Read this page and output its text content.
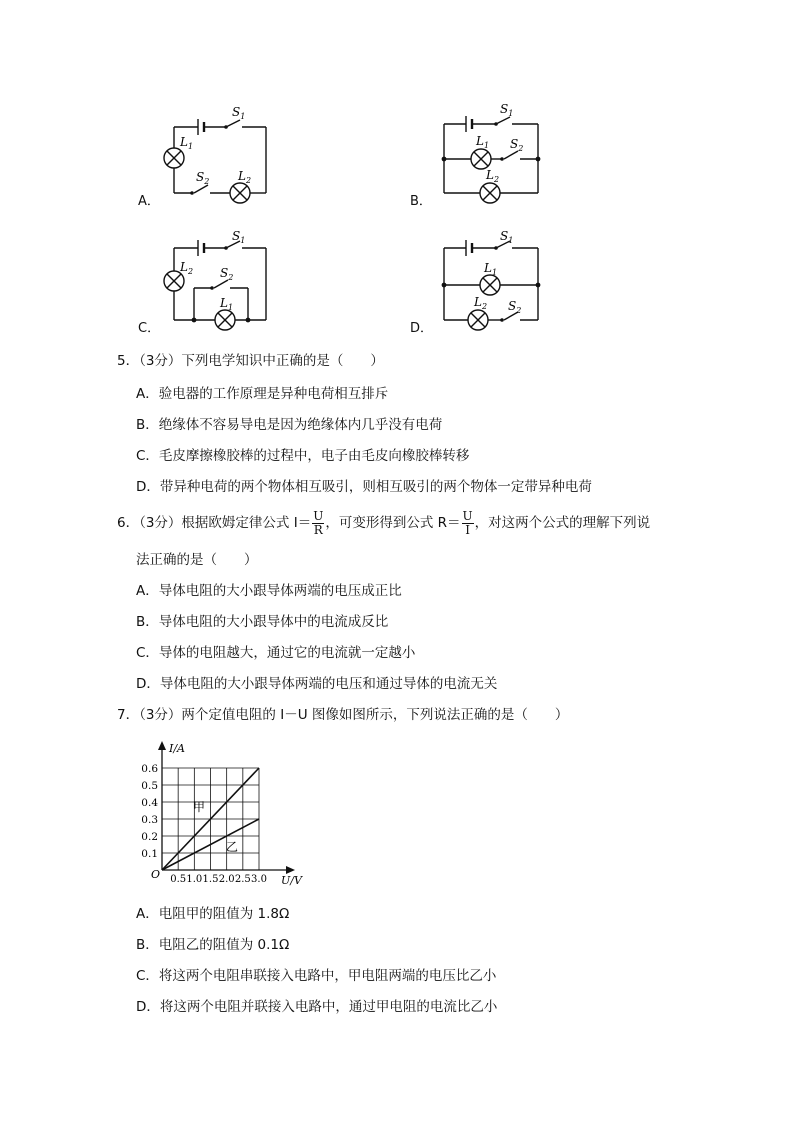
$S_1$
$S_2$
$L_1$
$L_2$
A．
$S_1$
$S_2$
$L_1$
$L_2$
B．
$S_1$
$S_2$
$L_1$
$L_2$
C．
$S_1$
$S_2$
$L_1$
$L_2$
D．
5．（3分）下列电学知识中正确的是（　　）
A．验电器的工作原理是异种电荷相互排斥
B．绝缘体不容易导电是因为绝缘体内几乎没有电荷
C．毛皮摩擦橡胶棒的过程中，电子由毛皮向橡胶棒转移
D．带异种电荷的两个物体相互吸引，则相互吸引的两个物体一定带异种电荷
6．（3分）根据欧姆定律公式 $I= \frac{U}{R}$ ，可变形得到公式 $R= \frac{U}{I}$ ，对这两个公式的理解下列说
法正确的是（　　）
A．导体电阻的大小跟导体两端的电压成正比
B．导体电阻的大小跟导体中的电流成反比
C．导体的电阻越大，通过它的电流就一定越小
D．导体电阻的大小跟导体两端的电压和通过导体的电流无关
7．（3分）两个定值电阻的 I－U 图像如图所示，下列说法正确的是（　　）
0.1
0.2
0.3
0.4
0.5
0.6
0.5 1.0 1.5 2.0 2.5 3.0
I/A
U/V
O
甲
乙
A．电阻甲的阻值为 1.8Ω
B．电阻乙的阻值为 0.1Ω
C．将这两个电阻串联接入电路中，甲电阻两端的电压比乙小
D．将这两个电阻并联接入电路中，通过甲电阻的电流比乙小
